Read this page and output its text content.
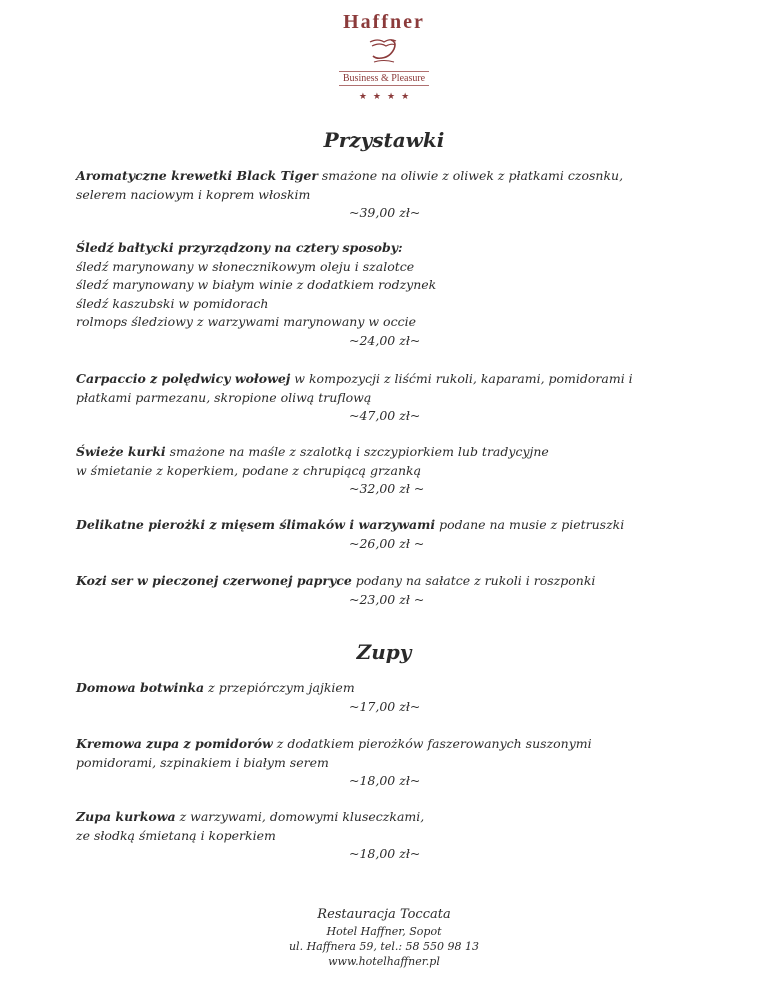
Haffner
Business & Pleasure
★★★★
Przystawki
Aromatyczne krewetki Black Tiger smażone na oliwie z oliwek z płatkami czosnku,
selerem naciowym i koprem włoskim
~39,00 zł~
Śledź bałtycki przyrządzony na cztery sposoby:
śledź marynowany w słonecznikowym oleju i szalotce
śledź marynowany w białym winie z dodatkiem rodzynek
śledź kaszubski w pomidorach
rolmops śledziowy z warzywami marynowany w occie
~24,00 zł~
Carpaccio z polędwicy wołowej w kompozycji z liśćmi rukoli, kaparami, pomidorami i
płatkami parmezanu, skropione oliwą truflową
~47,00 zł~
Świeże kurki smażone na maśle z szalotką i szczypiorkiem lub tradycyjne
w śmietanie z koperkiem, podane z chrupiącą grzanką
~32,00 zł ~
Delikatne pierożki z mięsem ślimaków i warzywami podane na musie z pietruszki
~26,00 zł ~
Kozi ser w pieczonej czerwonej papryce podany na sałatce z rukoli i roszponki
~23,00 zł ~
Zupy
Domowa botwinka z przepiórczym jajkiem
~17,00 zł~
Kremowa zupa z pomidorów z dodatkiem pierożków faszerowanych suszonymi
pomidorami, szpinakiem i białym serem
~18,00 zł~
Zupa kurkowa z warzywami, domowymi kluseczkami,
ze słodką śmietaną i koperkiem
~18,00 zł~
Restauracja Toccata
Hotel Haffner, Sopot
ul. Haffnera 59, tel.: 58 550 98 13
www.hotelhaffner.pl
